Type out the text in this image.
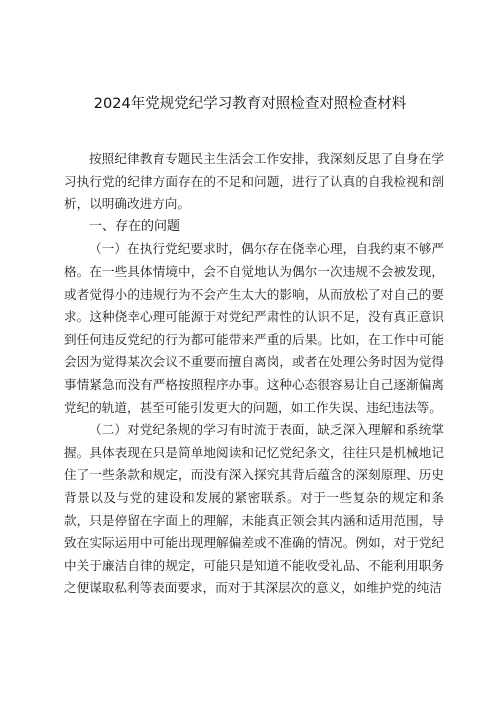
2024年党规党纪学习教育对照检查对照检查材料

按照纪律教育专题民主生活会工作安排，我深刻反思了自身在学习执行党的纪律方面存在的不足和问题，进行了认真的自我检视和剖析，以明确改进方向。

一、存在的问题

（一）在执行党纪要求时，偶尔存在侥幸心理，自我约束不够严格。在一些具体情境中，会不自觉地认为偶尔一次违规不会被发现，或者觉得小的违规行为不会产生太大的影响，从而放松了对自己的要求。这种侥幸心理可能源于对党纪严肃性的认识不足，没有真正意识到任何违反党纪的行为都可能带来严重的后果。比如，在工作中可能会因为觉得某次会议不重要而擅自离岗，或者在处理公务时因为觉得事情紧急而没有严格按照程序办事。这种心态很容易让自己逐渐偏离党纪的轨道，甚至可能引发更大的问题，如工作失误、违纪违法等。

（二）对党纪条规的学习有时流于表面，缺乏深入理解和系统掌握。具体表现在只是简单地阅读和记忆党纪条文，往往只是机械地记住了一些条款和规定，而没有深入探究其背后蕴含的深刻原理、历史背景以及与党的建设和发展的紧密联系。对于一些复杂的规定和条款，只是停留在字面上的理解，未能真正领会其内涵和适用范围，导致在实际运用中可能出现理解偏差或不准确的情况。例如，对于党纪中关于廉洁自律的规定，可能只是知道不能收受礼品、不能利用职务之便谋取私利等表面要求，而对于其深层次的意义，如维护党的纯洁
